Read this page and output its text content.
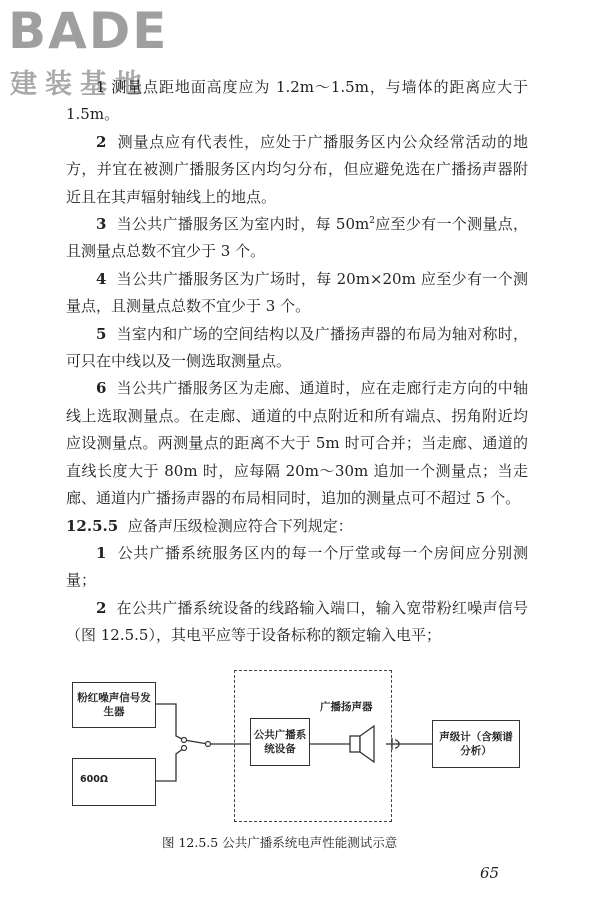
BADE
建装基地

1 测量点距地面高度应为 1.2m～1.5m，与墙体的距离应大于 1.5m。

2 测量点应有代表性，应处于广播服务区内公众经常活动的地方，并宜在被测广播服务区内均匀分布，但应避免选在广播扬声器附近且在其声辐射轴线上的地点。

3 当公共广播服务区为室内时，每 $50m^2$应至少有一个测量点，且测量点总数不宜少于 3 个。

4 当公共广播服务区为广场时，每 20m×20m 应至少有一个测量点，且测量点总数不宜少于 3 个。

5 当室内和广场的空间结构以及广播扬声器的布局为轴对称时，可只在中线以及一侧选取测量点。

6 当公共广播服务区为走廊、通道时，应在走廊行走方向的中轴线上选取测量点。在走廊、通道的中点附近和所有端点、拐角附近均应设测量点。两测量点的距离不大于 5m 时可合并；当走廊、通道的直线长度大于 80m 时，应每隔 20m～30m 追加一个测量点；当走廊、通道内广播扬声器的布局相同时，追加的测量点可不超过 5 个。

12.5.5 应备声压级检测应符合下列规定：

1 公共广播系统服务区内的每一个厅堂或每一个房间应分别测量；

2 在公共广播系统设备的线路输入端口，输入宽带粉红噪声信号（图 12.5.5），其电平应等于设备标称的额定输入电平；

粉红噪声信号发生器
600Ω
公共广播系统设备
广播扬声器
声级计（含频谱分析）
图 12.5.5 公共广播系统电声性能测试示意
65
